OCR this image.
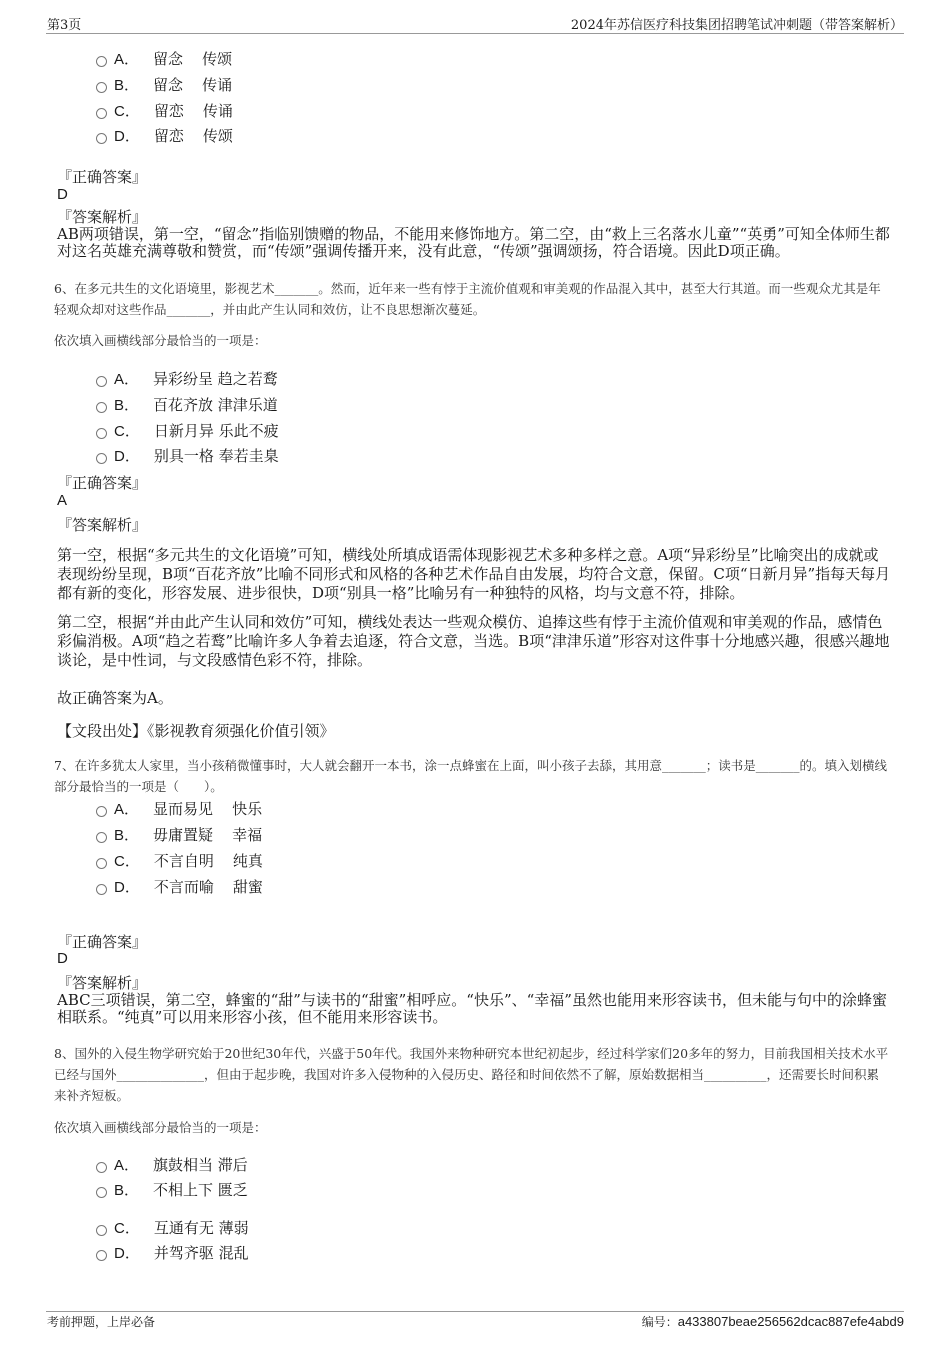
第3页	2024年苏信医疗科技集团招聘笔试冲刺题（带答案解析）
A． 留念    传颂
B． 留念    传诵
C． 留恋    传诵
D． 留恋    传颂
『正确答案』
D
『答案解析』
AB两项错误，第一空，“留念”指临别馈赠的物品，不能用来修饰地方。第二空，由“救上三名落水儿童”“英勇”可知全体师生都对这名英雄充满尊敬和赞赏，而“传颂”强调传播开来，没有此意，“传颂”强调颂扬，符合语境。因此D项正确。
6、在多元共生的文化语境里，影视艺术_______。然而，近年来一些有悖于主流价值观和审美观的作品混入其中，甚至大行其道。而一些观众尤其是年轻观众却对这些作品_______，并由此产生认同和效仿，让不良思想渐次蔓延。
依次填入画横线部分最恰当的一项是：
A． 异彩纷呈 趋之若鹜
B． 百花齐放 津津乐道
C． 日新月异 乐此不疲
D． 别具一格 奉若圭臬
『正确答案』
A
『答案解析』
第一空，根据“多元共生的文化语境”可知，横线处所填成语需体现影视艺术多种多样之意。A项“异彩纷呈”比喻突出的成就或表现纷纷呈现，B项“百花齐放”比喻不同形式和风格的各种艺术作品自由发展，均符合文意，保留。C项“日新月异”指每天每月都有新的变化，形容发展、进步很快，D项“别具一格”比喻另有一种独特的风格，均与文意不符，排除。
第二空，根据“并由此产生认同和效仿”可知，横线处表达一些观众模仿、追捧这些有悖于主流价值观和审美观的作品，感情色彩偏消极。A项“趋之若鹜”比喻许多人争着去追逐，符合文意，当选。B项“津津乐道”形容对这件事十分地感兴趣，很感兴趣地谈论，是中性词，与文段感情色彩不符，排除。
故正确答案为A。
【文段出处】《影视教育须强化价值引领》
7、在许多犹太人家里，当小孩稍微懂事时，大人就会翻开一本书，涂一点蜂蜜在上面，叫小孩子去舔，其用意_______；读书是_______的。填入划横线部分最恰当的一项是（　　）。
A． 显而易见    快乐
B． 毋庸置疑    幸福
C． 不言自明    纯真
D． 不言而喻    甜蜜
『正确答案』
D
『答案解析』
ABC三项错误，第二空，蜂蜜的“甜”与读书的“甜蜜”相呼应。“快乐”、“幸福”虽然也能用来形容读书，但未能与句中的涂蜂蜜相联系。“纯真”可以用来形容小孩，但不能用来形容读书。
8、国外的入侵生物学研究始于20世纪30年代，兴盛于50年代。我国外来物种研究本世纪初起步，经过科学家们20多年的努力，目前我国相关技术水平已经与国外______________，但由于起步晚，我国对许多入侵物种的入侵历史、路径和时间依然不了解，原始数据相当__________，还需要长时间积累来补齐短板。
依次填入画横线部分最恰当的一项是：
A． 旗鼓相当 滞后
B． 不相上下 匮乏
C． 互通有无 薄弱
D． 并驾齐驱 混乱
考前押题，上岸必备	编号：a433807beae256562dcac887efe4abd9
